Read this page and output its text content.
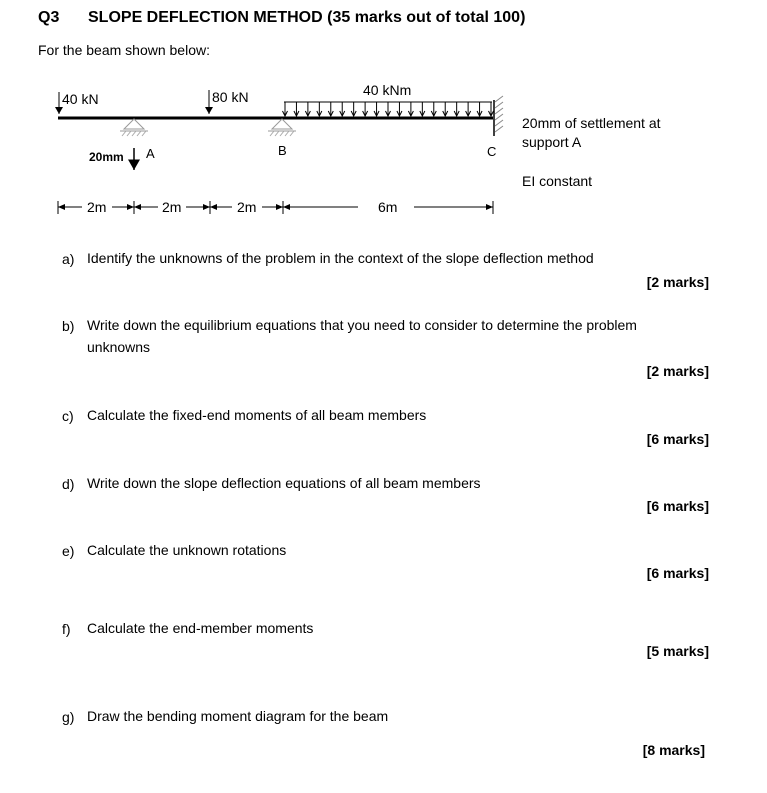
Q3 SLOPE DEFLECTION METHOD (35 marks out of total 100)
For the beam shown below:
40 kN	80 kN	40 kNm
20mm A	B	C
2m	2m	2m	6m
20mm of settlement at
support A
EI constant
a) Identify the unknowns of the problem in the context of the slope deflection method
[2 marks]
b) Write down the equilibrium equations that you need to consider to determine the problem unknowns
[2 marks]
c) Calculate the fixed-end moments of all beam members
[6 marks]
d) Write down the slope deflection equations of all beam members
[6 marks]
e) Calculate the unknown rotations
[6 marks]
f) Calculate the end-member moments
[5 marks]
g) Draw the bending moment diagram for the beam
[8 marks]
